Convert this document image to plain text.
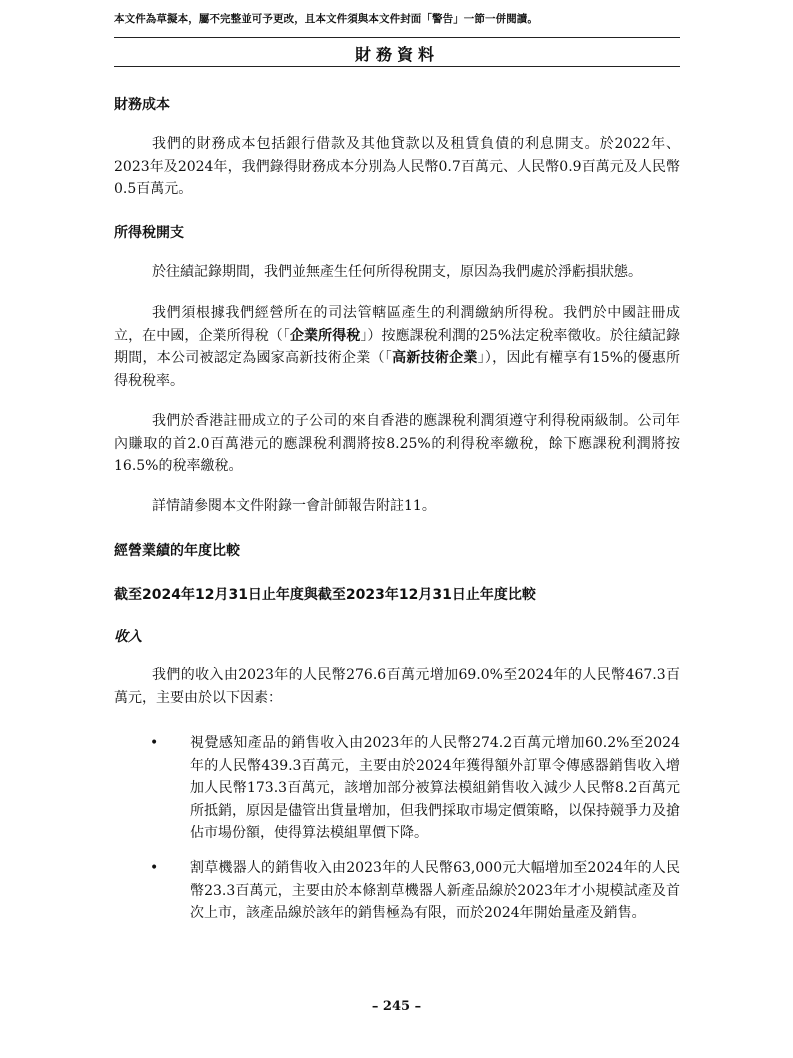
本文件為草擬本，屬不完整並可予更改，且本文件須與本文件封面「警告」一節一併閱讀。
財務資料
財務成本
我們的財務成本包括銀行借款及其他貸款以及租賃負債的利息開支。於2022年、2023年及2024年，我們錄得財務成本分別為人民幣0.7百萬元、人民幣0.9百萬元及人民幣0.5百萬元。
所得稅開支
於往績記錄期間，我們並無產生任何所得稅開支，原因為我們處於淨虧損狀態。
我們須根據我們經營所在的司法管轄區產生的利潤繳納所得稅。我們於中國註冊成立，在中國，企業所得稅（「企業所得稅」）按應課稅利潤的25%法定稅率徵收。於往績記錄期間，本公司被認定為國家高新技術企業（「高新技術企業」），因此有權享有15%的優惠所得稅稅率。
我們於香港註冊成立的子公司的來自香港的應課稅利潤須遵守利得稅兩級制。公司年內賺取的首2.0百萬港元的應課稅利潤將按8.25%的利得稅率繳稅，餘下應課稅利潤將按16.5%的稅率繳稅。
詳情請參閱本文件附錄一會計師報告附註11。
經營業績的年度比較
截至2024年12月31日止年度與截至2023年12月31日止年度比較
收入
我們的收入由2023年的人民幣276.6百萬元增加69.0%至2024年的人民幣467.3百萬元，主要由於以下因素：
• 視覺感知產品的銷售收入由2023年的人民幣274.2百萬元增加60.2%至2024年的人民幣439.3百萬元，主要由於2024年獲得額外訂單令傳感器銷售收入增加人民幣173.3百萬元，該增加部分被算法模組銷售收入減少人民幣8.2百萬元所抵銷，原因是儘管出貨量增加，但我們採取市場定價策略，以保持競爭力及搶佔市場份額，使得算法模組單價下降。
• 割草機器人的銷售收入由2023年的人民幣63,000元大幅增加至2024年的人民幣23.3百萬元，主要由於本條割草機器人新產品線於2023年才小規模試產及首次上市，該產品線於該年的銷售極為有限，而於2024年開始量產及銷售。
– 245 –
